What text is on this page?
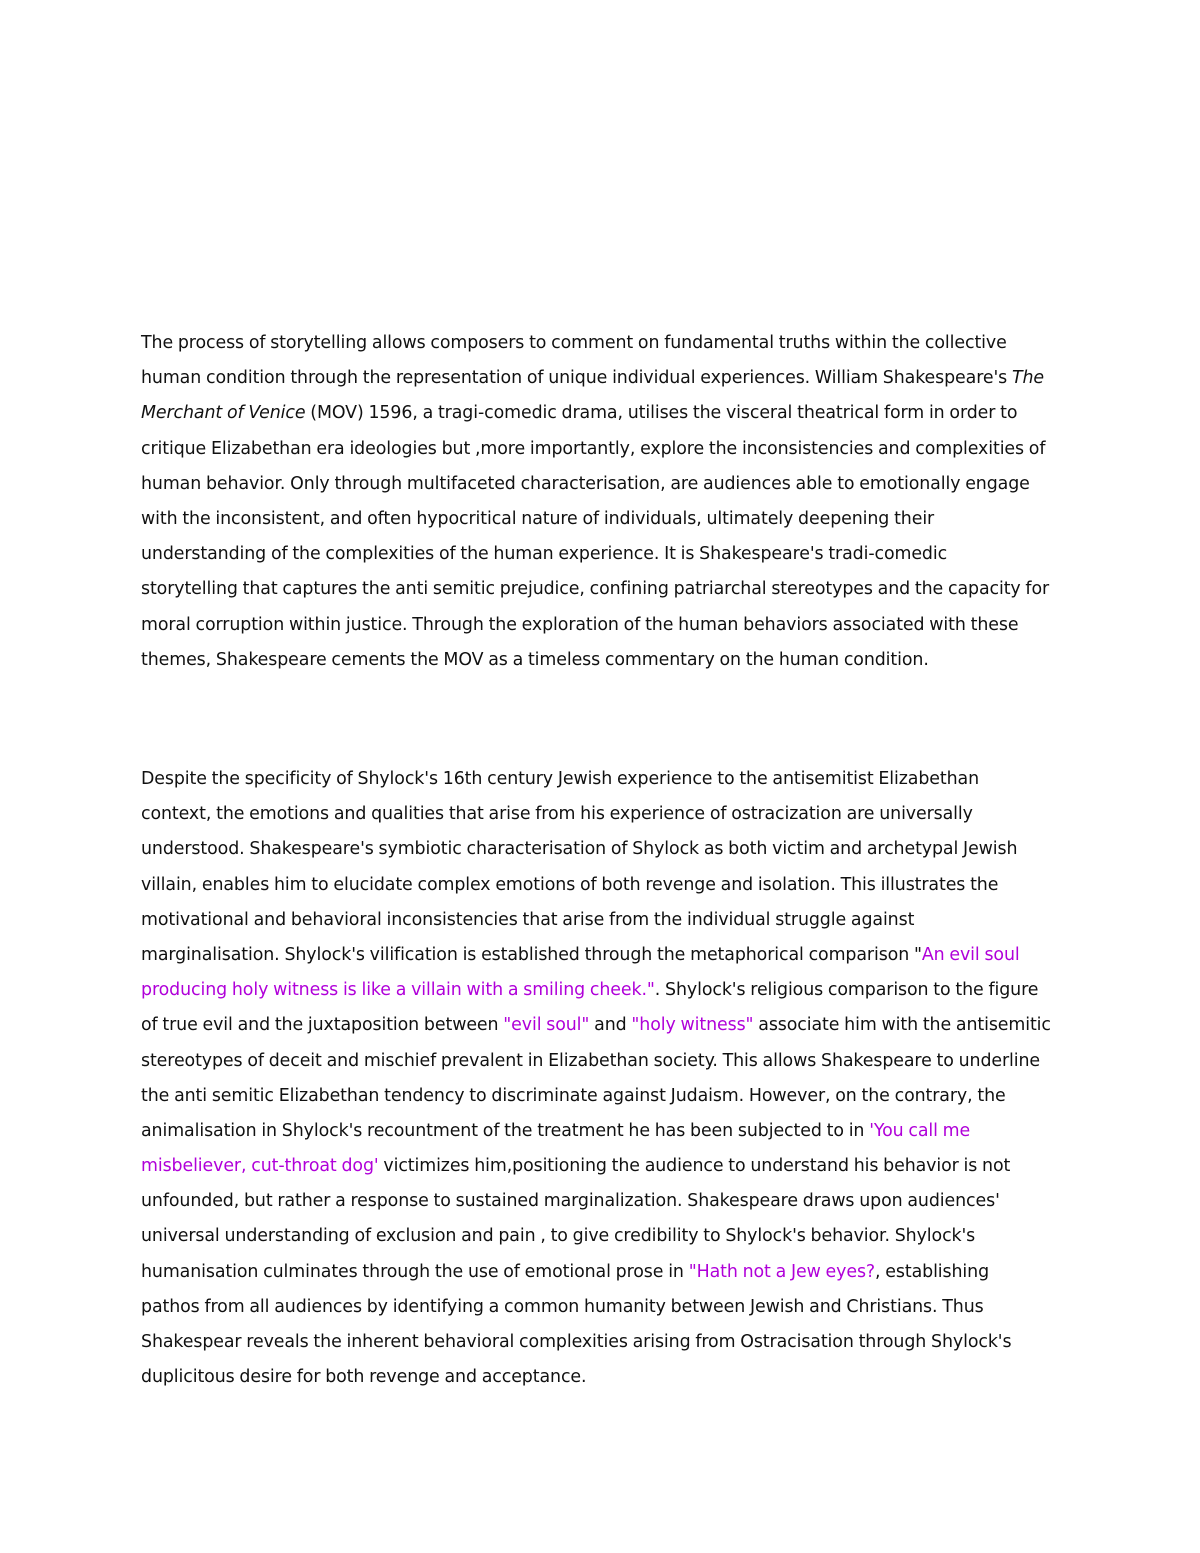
The process of storytelling allows composers to comment on fundamental truths within the collective
human condition through the representation of unique individual experiences. William Shakespeare's The
Merchant of Venice (MOV) 1596, a tragi-comedic drama, utilises the visceral theatrical form in order to
critique Elizabethan era ideologies but ,more importantly, explore the inconsistencies and complexities of
human behavior. Only through multifaceted characterisation, are audiences able to emotionally engage
with the inconsistent, and often hypocritical nature of individuals, ultimately deepening their
understanding of the complexities of the human experience. It is Shakespeare's tradi-comedic
storytelling that captures the anti semitic prejudice, confining patriarchal stereotypes and the capacity for
moral corruption within justice. Through the exploration of the human behaviors associated with these
themes, Shakespeare cements the MOV as a timeless commentary on the human condition.
Despite the specificity of Shylock's 16th century Jewish experience to the antisemitist Elizabethan
context, the emotions and qualities that arise from his experience of ostracization are universally
understood. Shakespeare's symbiotic characterisation of Shylock as both victim and archetypal Jewish
villain, enables him to elucidate complex emotions of both revenge and isolation. This illustrates the
motivational and behavioral inconsistencies that arise from the individual struggle against
marginalisation. Shylock's vilification is established through the metaphorical comparison "An evil soul
producing holy witness is like a villain with a smiling cheek.". Shylock's religious comparison to the figure
of true evil and the juxtaposition between "evil soul" and "holy witness" associate him with the antisemitic
stereotypes of deceit and mischief prevalent in Elizabethan society. This allows Shakespeare to underline
the anti semitic Elizabethan tendency to discriminate against Judaism. However, on the contrary, the
animalisation in Shylock's recountment of the treatment he has been subjected to in 'You call me
misbeliever, cut-throat dog' victimizes him,positioning the audience to understand his behavior is not
unfounded, but rather a response to sustained marginalization. Shakespeare draws upon audiences'
universal understanding of exclusion and pain , to give credibility to Shylock's behavior. Shylock's
humanisation culminates through the use of emotional prose in "Hath not a Jew eyes?, establishing
pathos from all audiences by identifying a common humanity between Jewish and Christians. Thus
Shakespear reveals the inherent behavioral complexities arising from Ostracisation through Shylock's
duplicitous desire for both revenge and acceptance.
